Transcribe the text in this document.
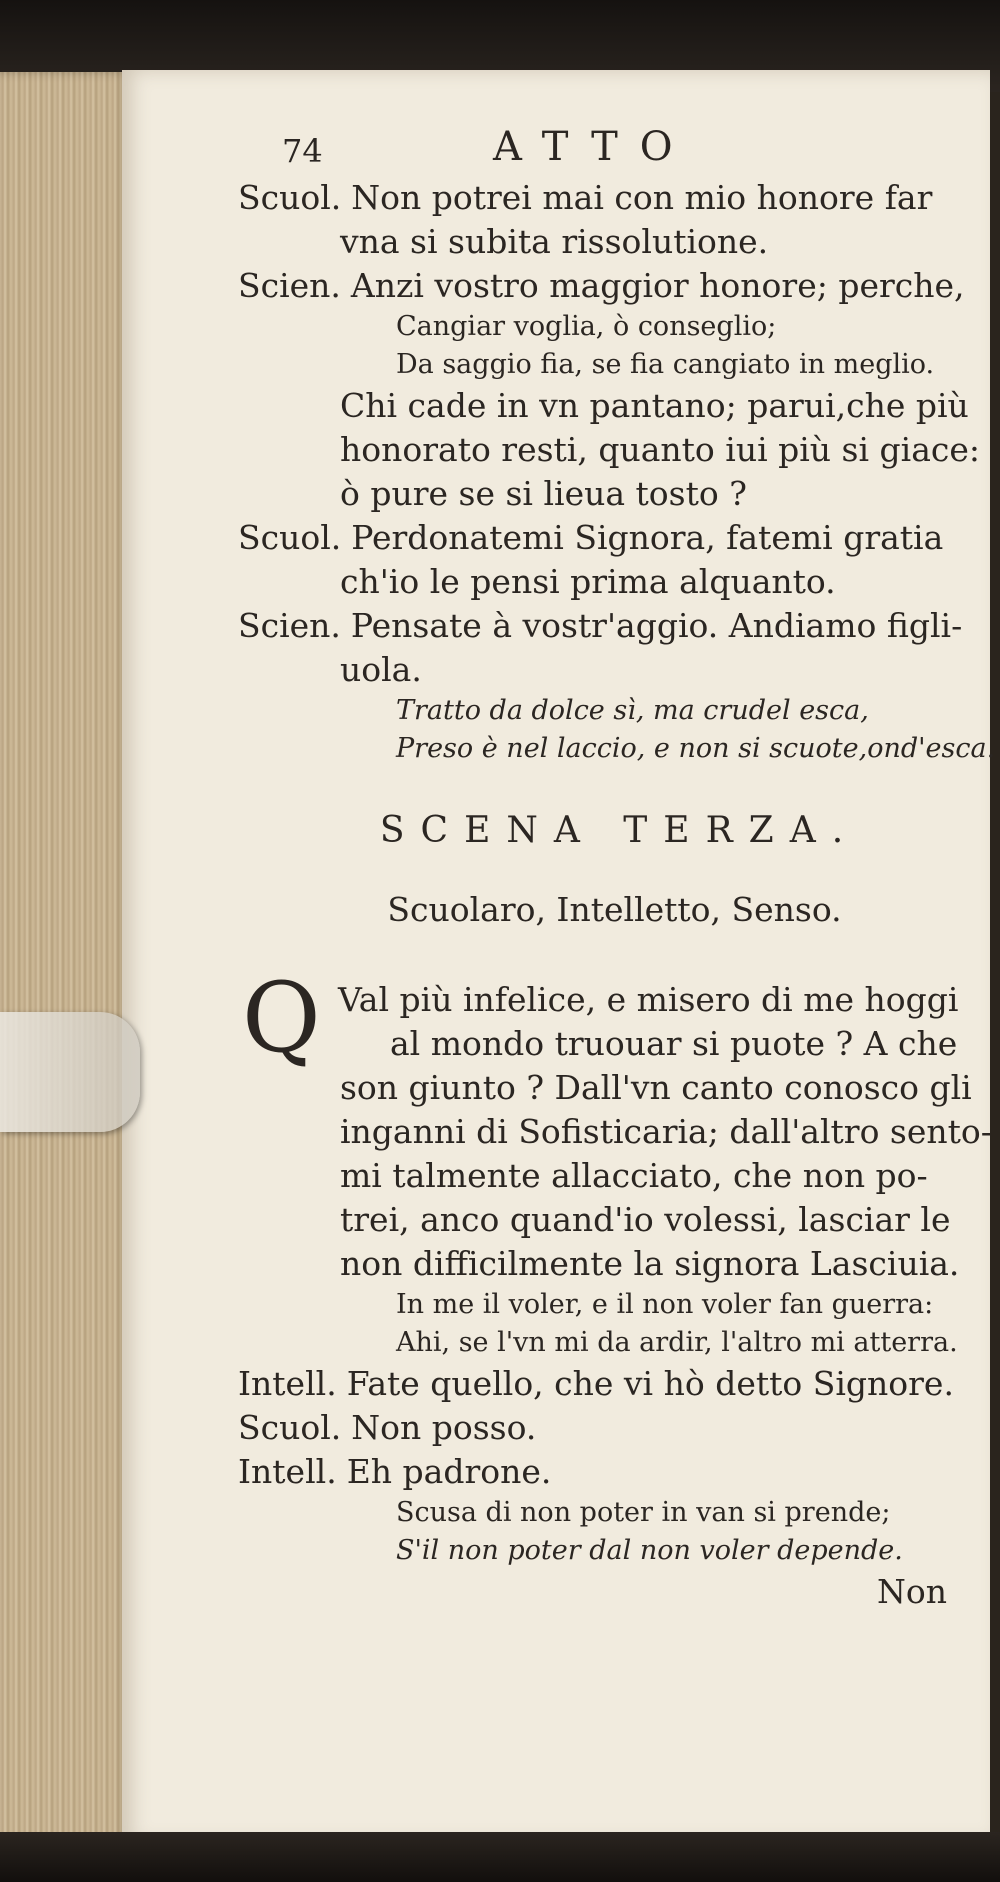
74	ATTO
Scuol. Non potrei mai con mio honore far
vna si subita rissolutione.
Scien. Anzi vostro maggior honore; perche,
Cangiar voglia, ò conseglio;
Da saggio fia, se fia cangiato in meglio.
Chi cade in vn pantano; parui,che più
honorato resti, quanto iui più si giace:
ò pure se si lieua tosto ?
Scuol. Perdonatemi Signora, fatemi gratia
ch'io le pensi prima alquanto.
Scien. Pensate à vostr'aggio. Andiamo figli-
uola.
Tratto da dolce sì, ma crudel esca,
Preso è nel laccio, e non si scuote,ond'esca.
SCENA TERZA.
Scuolaro, Intelletto, Senso.
Q Val più infelice, e misero di me hoggi
al mondo truouar si puote ? A che
son giunto ? Dall'vn canto conosco gli
inganni di Sofisticaria; dall'altro sento-
mi talmente allacciato, che non po-
trei, anco quand'io volessi, lasciar le
non difficilmente la signora Lasciuia.
In me il voler, e il non voler fan guerra:
Ahi, se l'vn mi da ardir, l'altro mi atterra.
Intell. Fate quello, che vi hò detto Signore.
Scuol. Non posso.
Intell. Eh padrone.
Scusa di non poter in van si prende;
S'il non poter dal non voler depende.
Non
